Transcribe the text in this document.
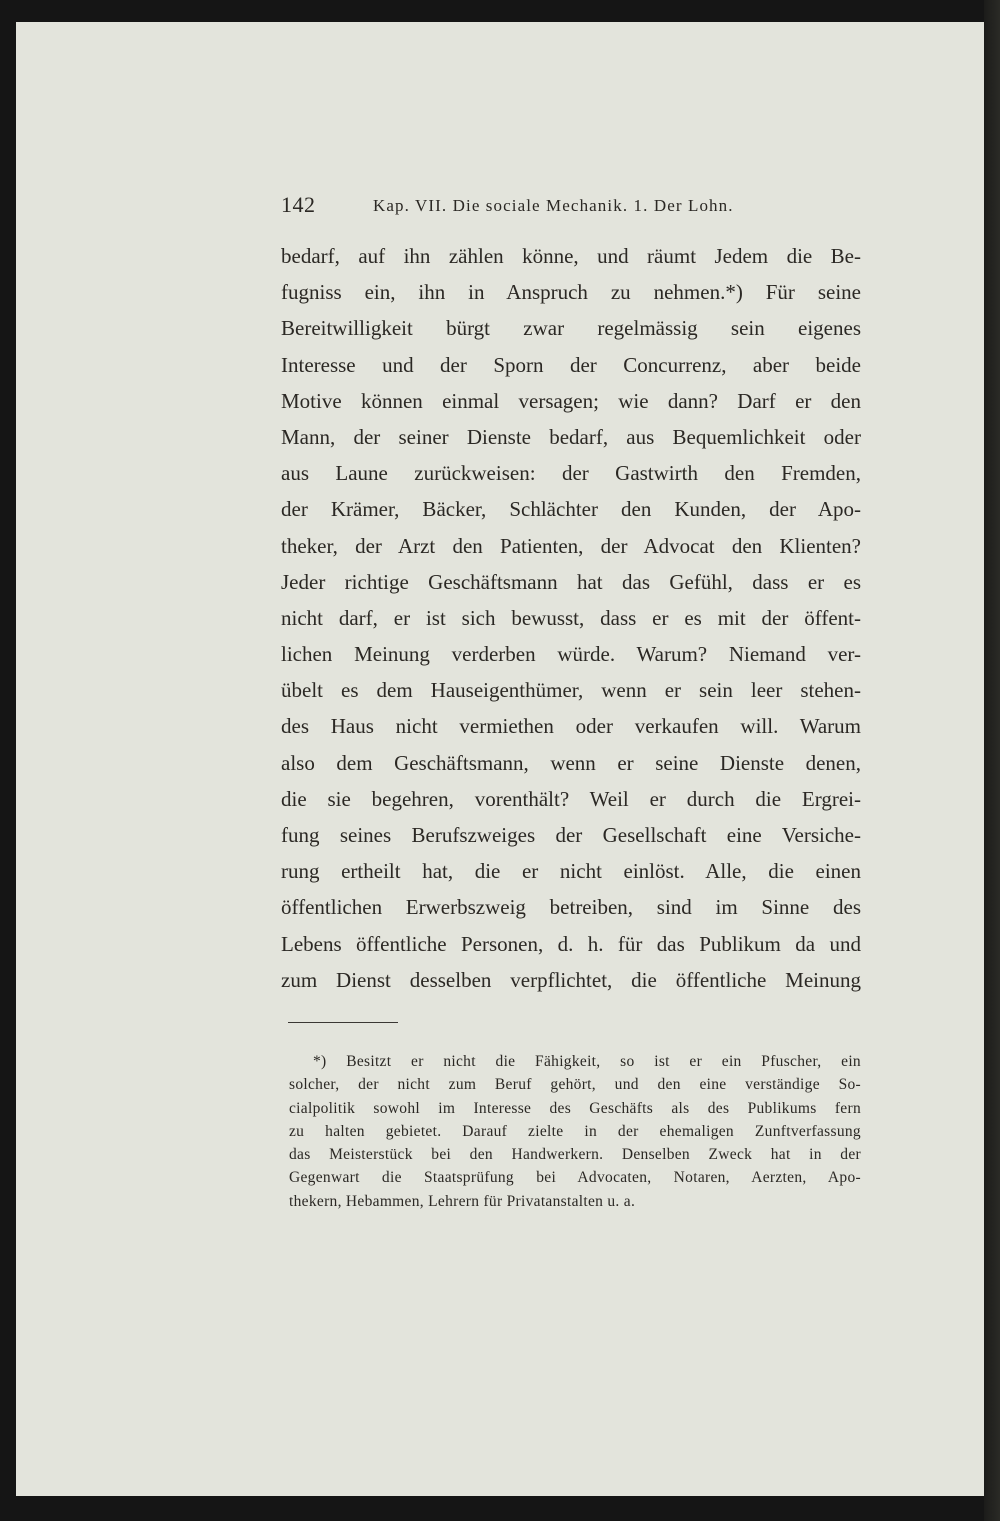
142	Kap. VII. Die sociale Mechanik. 1. Der Lohn.
bedarf, auf ihn zählen könne, und räumt Jedem die Be-
fugniss ein, ihn in Anspruch zu nehmen.*) Für seine
Bereitwilligkeit bürgt zwar regelmässig sein eigenes
Interesse und der Sporn der Concurrenz, aber beide
Motive können einmal versagen; wie dann? Darf er den
Mann, der seiner Dienste bedarf, aus Bequemlichkeit oder
aus Laune zurückweisen: der Gastwirth den Fremden,
der Krämer, Bäcker, Schlächter den Kunden, der Apo-
theker, der Arzt den Patienten, der Advocat den Klienten?
Jeder richtige Geschäftsmann hat das Gefühl, dass er es
nicht darf, er ist sich bewusst, dass er es mit der öffent-
lichen Meinung verderben würde. Warum? Niemand ver-
übelt es dem Hauseigenthümer, wenn er sein leer stehen-
des Haus nicht vermiethen oder verkaufen will. Warum
also dem Geschäftsmann, wenn er seine Dienste denen,
die sie begehren, vorenthält? Weil er durch die Ergrei-
fung seines Berufszweiges der Gesellschaft eine Versiche-
rung ertheilt hat, die er nicht einlöst. Alle, die einen
öffentlichen Erwerbszweig betreiben, sind im Sinne des
Lebens öffentliche Personen, d. h. für das Publikum da und
zum Dienst desselben verpflichtet, die öffentliche Meinung
*) Besitzt er nicht die Fähigkeit, so ist er ein Pfuscher, ein
solcher, der nicht zum Beruf gehört, und den eine verständige So-
cialpolitik sowohl im Interesse des Geschäfts als des Publikums fern
zu halten gebietet. Darauf zielte in der ehemaligen Zunftverfassung
das Meisterstück bei den Handwerkern. Denselben Zweck hat in der
Gegenwart die Staatsprüfung bei Advocaten, Notaren, Aerzten, Apo-
thekern, Hebammen, Lehrern für Privatanstalten u. a.
